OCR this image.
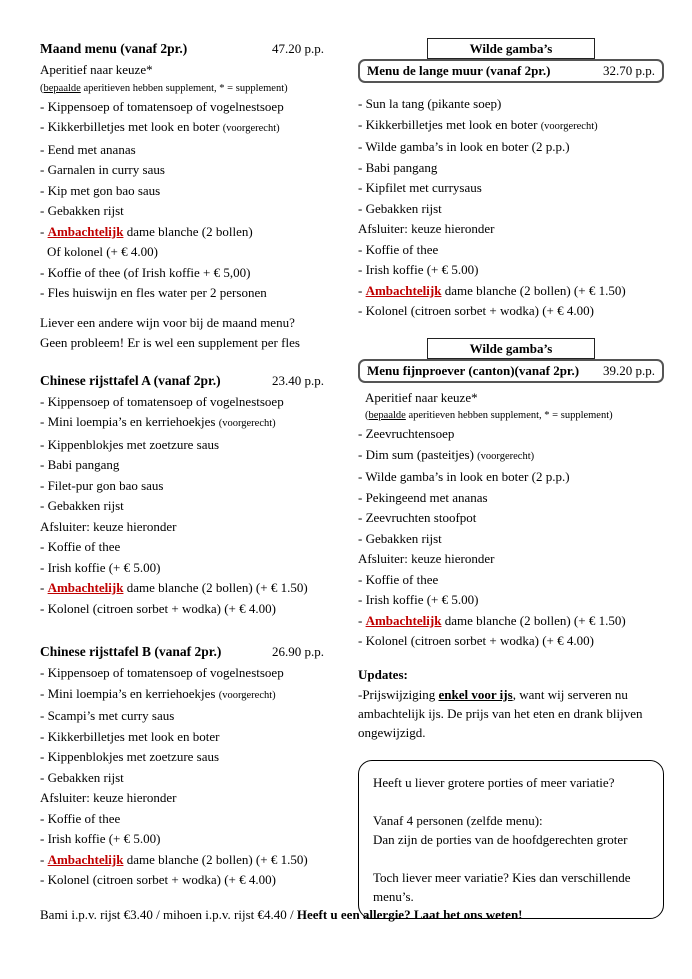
Maand menu (vanaf 2pr.)	47.20 p.p.
Aperitief naar keuze*
(bepaalde aperitieven hebben supplement, * = supplement)
- Kippensoep of tomatensoep of vogelnestsoep
- Kikkerbilletjes met look en boter (voorgerecht)
- Eend met ananas
- Garnalen in curry saus
- Kip met gon bao saus
- Gebakken rijst
- Ambachtelijk dame blanche (2 bollen)
Of kolonel (+ € 4.00)
- Koffie of thee (of Irish koffie + € 5,00)
- Fles huiswijn en fles water per 2 personen
Liever een andere wijn voor bij de maand menu?
Geen probleem! Er is wel een supplement per fles
Chinese rijsttafel A (vanaf 2pr.)	23.40 p.p.
- Kippensoep of tomatensoep of vogelnestsoep
- Mini loempia’s en kerriehoekjes (voorgerecht)
- Kippenblokjes met zoetzure saus
- Babi pangang
- Filet-pur gon bao saus
- Gebakken rijst
Afsluiter: keuze hieronder
- Koffie of thee
- Irish koffie (+ € 5.00)
- Ambachtelijk dame blanche (2 bollen) (+ € 1.50)
- Kolonel (citroen sorbet + wodka) (+ € 4.00)
Chinese rijsttafel B (vanaf 2pr.)	26.90 p.p.
- Kippensoep of tomatensoep of vogelnestsoep
- Mini loempia’s en kerriehoekjes (voorgerecht)
- Scampi’s met curry saus
- Kikkerbilletjes met look en boter
- Kippenblokjes met zoetzure saus
- Gebakken rijst
Afsluiter: keuze hieronder
- Koffie of thee
- Irish koffie (+ € 5.00)
- Ambachtelijk dame blanche (2 bollen) (+ € 1.50)
- Kolonel (citroen sorbet + wodka) (+ € 4.00)
Wilde gamba’s
Menu de lange muur (vanaf 2pr.)	32.70 p.p.
- Sun la tang (pikante soep)
- Kikkerbilletjes met look en boter (voorgerecht)
- Wilde gamba’s in look en boter (2 p.p.)
- Babi pangang
- Kipfilet met currysaus
- Gebakken rijst
Afsluiter: keuze hieronder
- Koffie of thee
- Irish koffie (+ € 5.00)
- Ambachtelijk dame blanche (2 bollen) (+ € 1.50)
- Kolonel (citroen sorbet + wodka) (+ € 4.00)
Wilde gamba’s
Menu fijnproever (canton)(vanaf 2pr.) 39.20 p.p.
Aperitief naar keuze*
(bepaalde aperitieven hebben supplement, * = supplement)
- Zeevruchtensoep
- Dim sum (pasteitjes) (voorgerecht)
- Wilde gamba’s in look en boter (2 p.p.)
- Pekingeend met ananas
- Zeevruchten stoofpot
- Gebakken rijst
Afsluiter: keuze hieronder
- Koffie of thee
- Irish koffie (+ € 5.00)
- Ambachtelijk dame blanche (2 bollen) (+ € 1.50)
- Kolonel (citroen sorbet + wodka) (+ € 4.00)
Updates:
-Prijswijziging enkel voor ijs, want wij serveren nu ambachtelijk ijs. De prijs van het eten en drank blijven ongewijzigd.
Heeft u liever grotere porties of meer variatie?
Vanaf 4 personen (zelfde menu):
Dan zijn de porties van de hoofdgerechten groter
Toch liever meer variatie? Kies dan verschillende menu’s.
Bami i.p.v. rijst €3.40 / mihoen i.p.v. rijst €4.40 / Heeft u een allergie? Laat het ons weten!
